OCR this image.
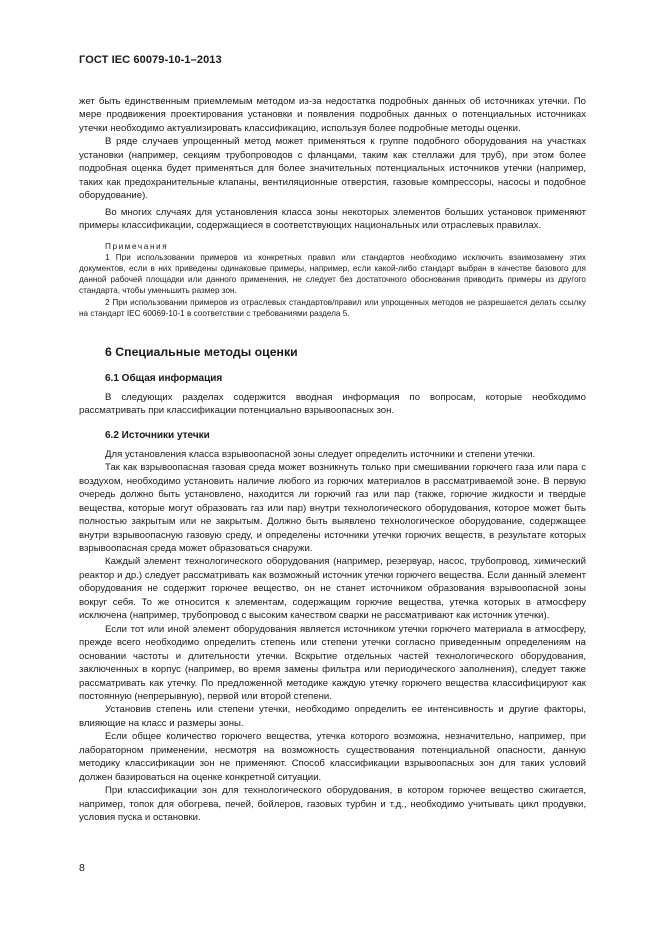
ГОСТ IEC 60079-10-1–2013

жет быть единственным приемлемым методом из-за недостатка подробных данных об источниках утечки. По мере продвижения проектирования установки и появления подробных данных о потенциальных источниках утечки необходимо актуализировать классификацию, используя более подробные методы оценки.

В ряде случаев упрощенный метод может применяться к группе подобного оборудования на участках установки (например, секциям трубопроводов с фланцами, таким как стеллажи для труб), при этом более подробная оценка будет применяться для более значительных потенциальных источников утечки (например, таких как предохранительные клапаны, вентиляционные отверстия, газовые компрессоры, насосы и подобное оборудование).

Во многих случаях для установления класса зоны некоторых элементов больших установок применяют примеры классификации, содержащиеся в соответствующих национальных или отраслевых правилах.

Примечания

1 При использовании примеров из конкретных правил или стандартов необходимо исключить взаимозамену этих документов, если в них приведены одинаковые примеры, например, если какой-либо стандарт выбран в качестве базового для данной рабочей площадки или данного применения, не следует без достаточного обоснования приводить примеры из другого стандарта, чтобы уменьшить размер зон.

2 При использовании примеров из отраслевых стандартов/правил или упрощенных методов не разрешается делать ссылку на стандарт IEC 60069-10-1 в соответствии с требованиями раздела 5.

6 Специальные методы оценки
6.1 Общая информация

В следующих разделах содержится вводная информация по вопросам, которые необходимо рассматривать при классификации потенциально взрывоопасных зон.

6.2 Источники утечки

Для установления класса взрывоопасной зоны следует определить источники и степени утечки.

Так как взрывоопасная газовая среда может возникнуть только при смешивании горючего газа или пара с воздухом, необходимо установить наличие любого из горючих материалов в рассматриваемой зоне. В первую очередь должно быть установлено, находится ли горючий газ или пар (также, горючие жидкости и твердые вещества, которые могут образовать газ или пар) внутри технологического оборудования, которое может быть полностью закрытым или не закрытым. Должно быть выявлено технологическое оборудование, содержащее внутри взрывоопасную газовую среду, и определены источники утечки горючих веществ, в результате которых взрывоопасная среда может образоваться снаружи.

Каждый элемент технологического оборудования (например, резервуар, насос, трубопровод, химический реактор и др.) следует рассматривать как возможный источник утечки горючего вещества. Если данный элемент оборудования не содержит горючее вещество, он не станет источником образования взрывоопасной зоны вокруг себя. То же относится к элементам, содержащим горючие вещества, утечка которых в атмосферу исключена (например, трубопровод с высоким качеством сварки не рассматривают как источник утечки).

Если тот или иной элемент оборудования является источником утечки горючего материала в атмосферу, прежде всего необходимо определить степень или степени утечки согласно приведенным определениям на основании частоты и длительности утечки. Вскрытие отдельных частей технологического оборудования, заключенных в корпус (например, во время замены фильтра или периодического заполнения), следует также рассматривать как утечку. По предложенной методике каждую утечку горючего вещества классифицируют как постоянную (непрерывную), первой или второй степени.

Установив степень или степени утечки, необходимо определить ее интенсивность и другие факторы, влияющие на класс и размеры зоны.

Если общее количество горючего вещества, утечка которого возможна, незначительно, например, при лабораторном применении, несмотря на возможность существования потенциальной опасности, данную методику классификации зон не применяют. Способ классификации взрывоопасных зон для таких условий должен базироваться на оценке конкретной ситуации.

При классификации зон для технологического оборудования, в котором горючее вещество сжигается, например, топок для обогрева, печей, бойлеров, газовых турбин и т.д., необходимо учитывать цикл продувки, условия пуска и остановки.

8
